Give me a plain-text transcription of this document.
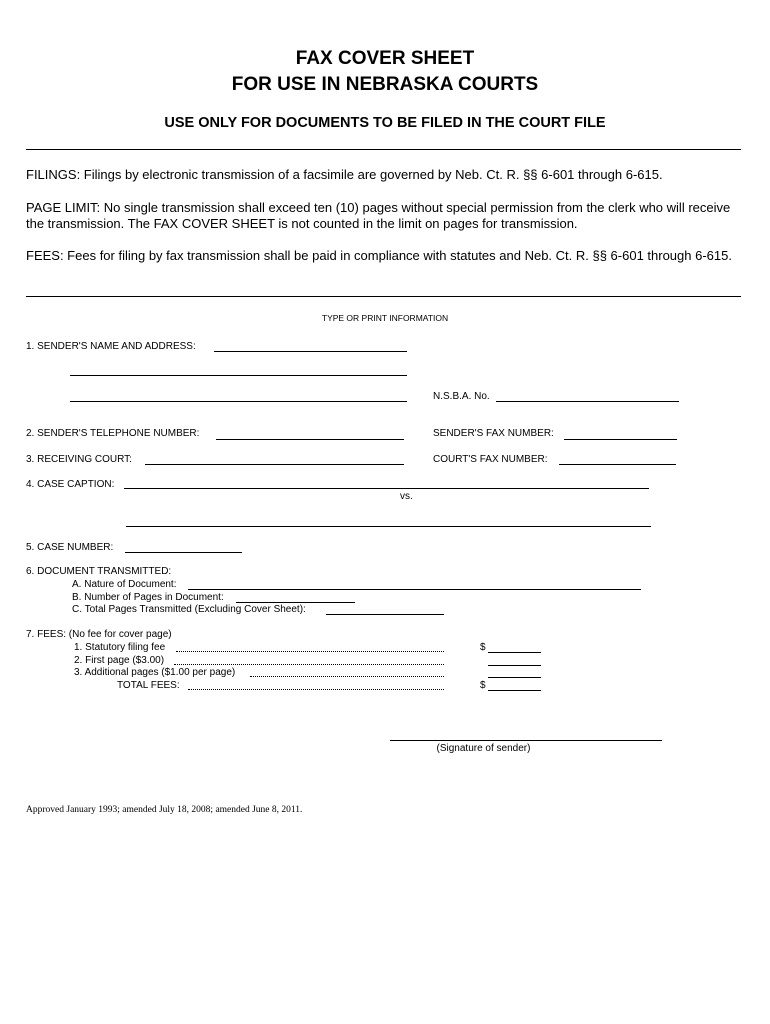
FAX COVER SHEET
FOR USE IN NEBRASKA COURTS
USE ONLY FOR DOCUMENTS TO BE FILED IN THE COURT FILE
FILINGS: Filings by electronic transmission of a facsimile are governed by Neb. Ct. R. §§ 6-601 through 6-615.
PAGE LIMIT: No single transmission shall exceed ten (10) pages without special permission from the clerk who will receive the transmission. The FAX COVER SHEET is not counted in the limit on pages for transmission.
FEES: Fees for filing by fax transmission shall be paid in compliance with statutes and Neb. Ct. R. §§ 6-601 through 6-615.
TYPE OR PRINT INFORMATION
1. SENDER'S NAME AND ADDRESS:
N.S.B.A. No.
2. SENDER'S TELEPHONE NUMBER:	SENDER'S FAX NUMBER:
3. RECEIVING COURT:	COURT'S FAX NUMBER:
4. CASE CAPTION:
vs.
5. CASE NUMBER:
6. DOCUMENT TRANSMITTED:
A. Nature of Document:
B. Number of Pages in Document:
C. Total Pages Transmitted (Excluding Cover Sheet):
7. FEES: (No fee for cover page)
1. Statutory filing fee	$
2. First page ($3.00)
3. Additional pages ($1.00 per page)
TOTAL FEES:	$
(Signature of sender)
Approved January 1993; amended July 18, 2008; amended June 8, 2011.
